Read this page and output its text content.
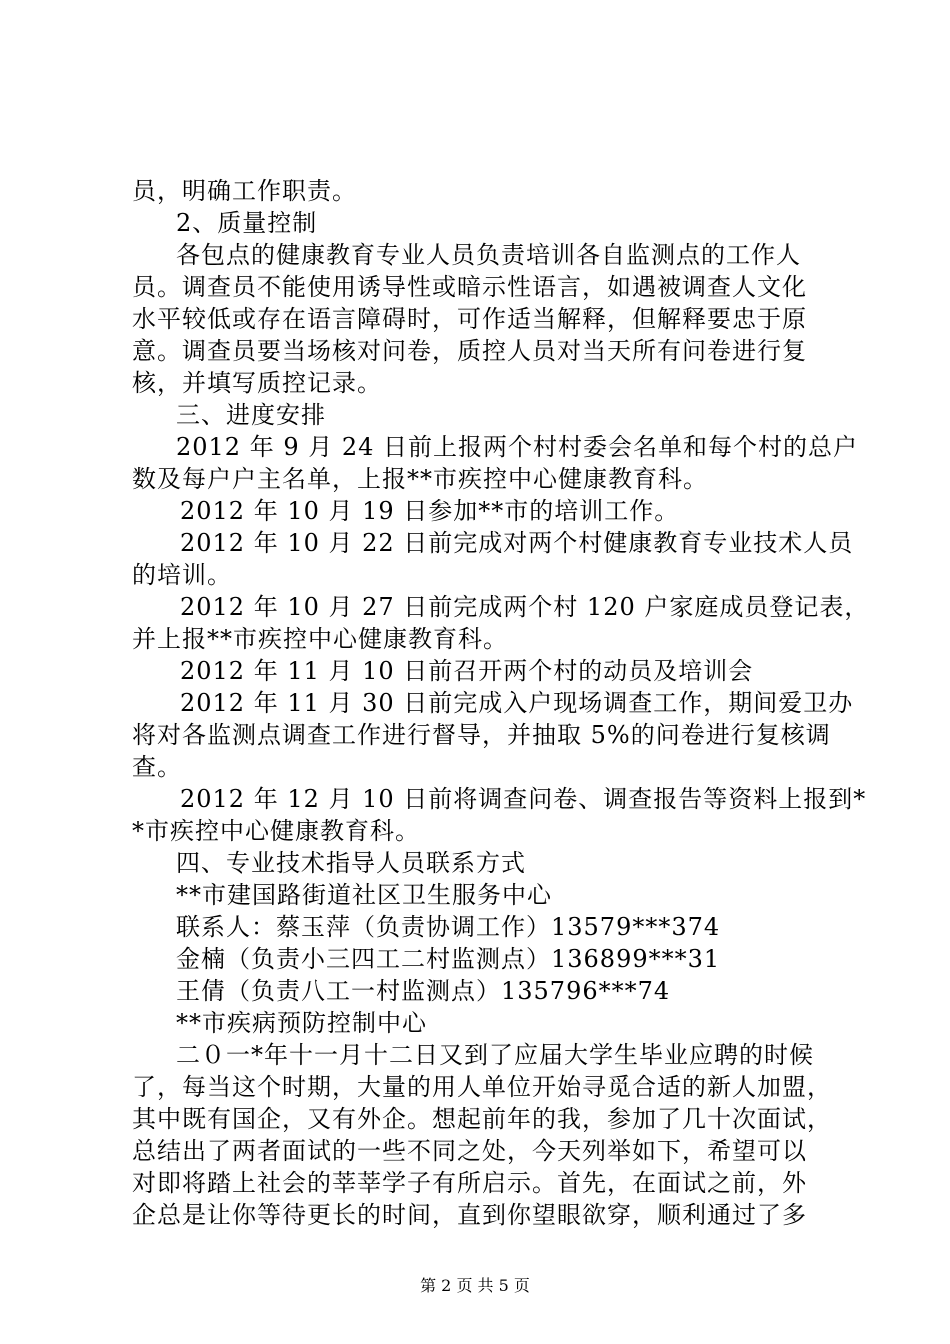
员，明确工作职责。
2、质量控制
各包点的健康教育专业人员负责培训各自监测点的工作人
员。调查员不能使用诱导性或暗示性语言，如遇被调查人文化
水平较低或存在语言障碍时，可作适当解释，但解释要忠于原
意。调查员要当场核对问卷，质控人员对当天所有问卷进行复
核，并填写质控记录。
三、进度安排
2012 年 9 月 24 日前上报两个村村委会名单和每个村的总户
数及每户户主名单，上报**市疾控中心健康教育科。
2012 年 10 月 19 日参加**市的培训工作。
2012 年 10 月 22 日前完成对两个村健康教育专业技术人员
的培训。
2012 年 10 月 27 日前完成两个村 120 户家庭成员登记表，
并上报**市疾控中心健康教育科。
2012 年 11 月 10 日前召开两个村的动员及培训会
2012 年 11 月 30 日前完成入户现场调查工作，期间爱卫办
将对各监测点调查工作进行督导，并抽取 5%的问卷进行复核调
查。
2012 年 12 月 10 日前将调查问卷、调查报告等资料上报到*
*市疾控中心健康教育科。
四、专业技术指导人员联系方式
**市建国路街道社区卫生服务中心
联系人：蔡玉萍（负责协调工作）13579***374
金楠（负责小三四工二村监测点）136899***31
王倩（负责八工一村监测点）135796***74
**市疾病预防控制中心
二０一*年十一月十二日又到了应届大学生毕业应聘的时候
了，每当这个时期，大量的用人单位开始寻觅合适的新人加盟，
其中既有国企，又有外企。想起前年的我，参加了几十次面试，
总结出了两者面试的一些不同之处，今天列举如下，希望可以
对即将踏上社会的莘莘学子有所启示。首先，在面试之前，外
企总是让你等待更长的时间，直到你望眼欲穿，顺利通过了多
第 2 页 共 5 页
